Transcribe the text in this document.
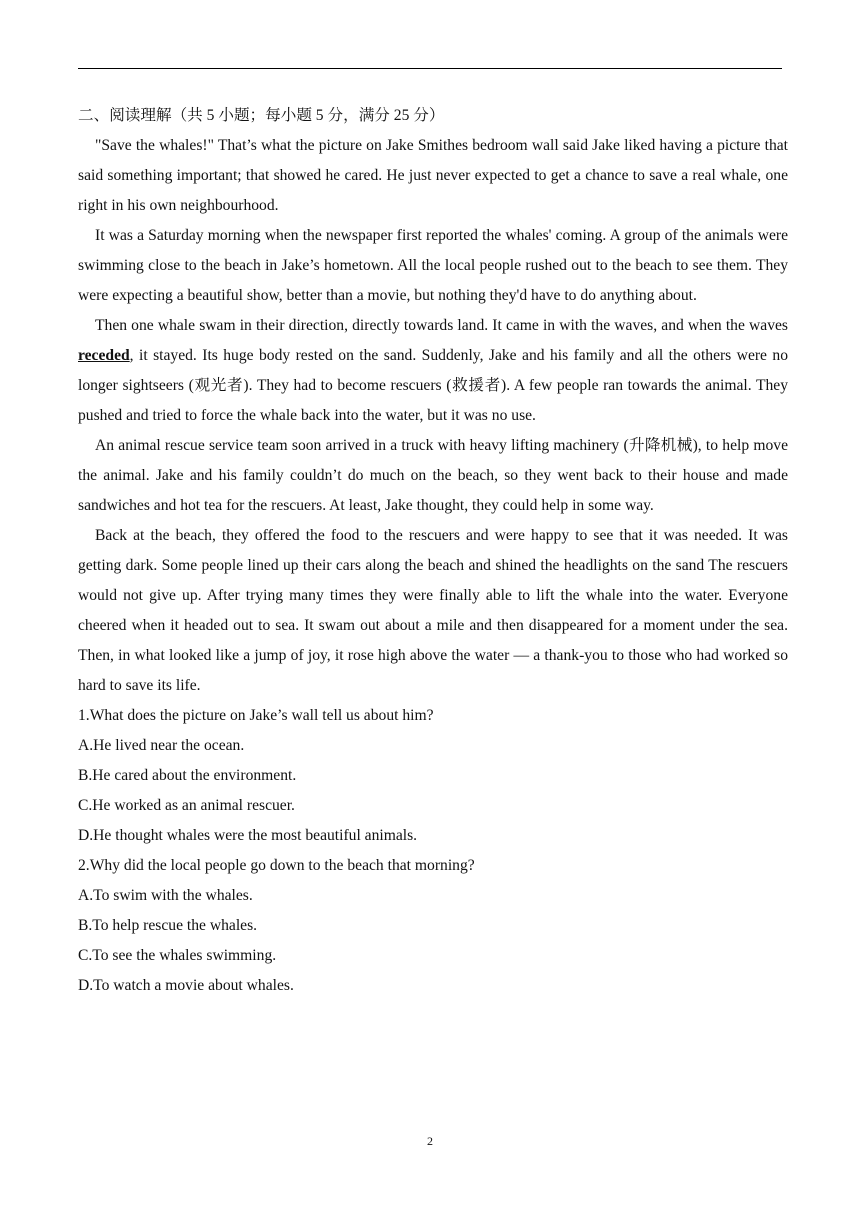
二、阅读理解（共 5 小题；每小题 5 分，满分 25 分）

"Save the whales!" That’s what the picture on Jake Smithes bedroom wall said Jake liked having a picture that said something important; that showed he cared. He just never expected to get a chance to save a real whale, one right in his own neighbourhood.

It was a Saturday morning when the newspaper first reported the whales' coming. A group of the animals were swimming close to the beach in Jake’s hometown. All the local people rushed out to the beach to see them. They were expecting a beautiful show, better than a movie, but nothing they'd have to do anything about.

Then one whale swam in their direction, directly towards land. It came in with the waves, and when the waves receded, it stayed. Its huge body rested on the sand. Suddenly, Jake and his family and all the others were no longer sightseers (观光者). They had to become rescuers (救援者). A few people ran towards the animal. They pushed and tried to force the whale back into the water, but it was no use.

An animal rescue service team soon arrived in a truck with heavy lifting machinery (升降机械), to help move the animal. Jake and his family couldn’t do much on the beach, so they went back to their house and made sandwiches and hot tea for the rescuers. At least, Jake thought, they could help in some way.

Back at the beach, they offered the food to the rescuers and were happy to see that it was needed. It was getting dark. Some people lined up their cars along the beach and shined the headlights on the sand The rescuers would not give up. After trying many times they were finally able to lift the whale into the water. Everyone cheered when it headed out to sea. It swam out about a mile and then disappeared for a moment under the sea. Then, in what looked like a jump of joy, it rose high above the water — a thank-you to those who had worked so hard to save its life.

1.What does the picture on Jake’s wall tell us about him?

A.He lived near the ocean.

B.He cared about the environment.

C.He worked as an animal rescuer.

D.He thought whales were the most beautiful animals.

2.Why did the local people go down to the beach that morning?

A.To swim with the whales.

B.To help rescue the whales.

C.To see the whales swimming.

D.To watch a movie about whales.

2
